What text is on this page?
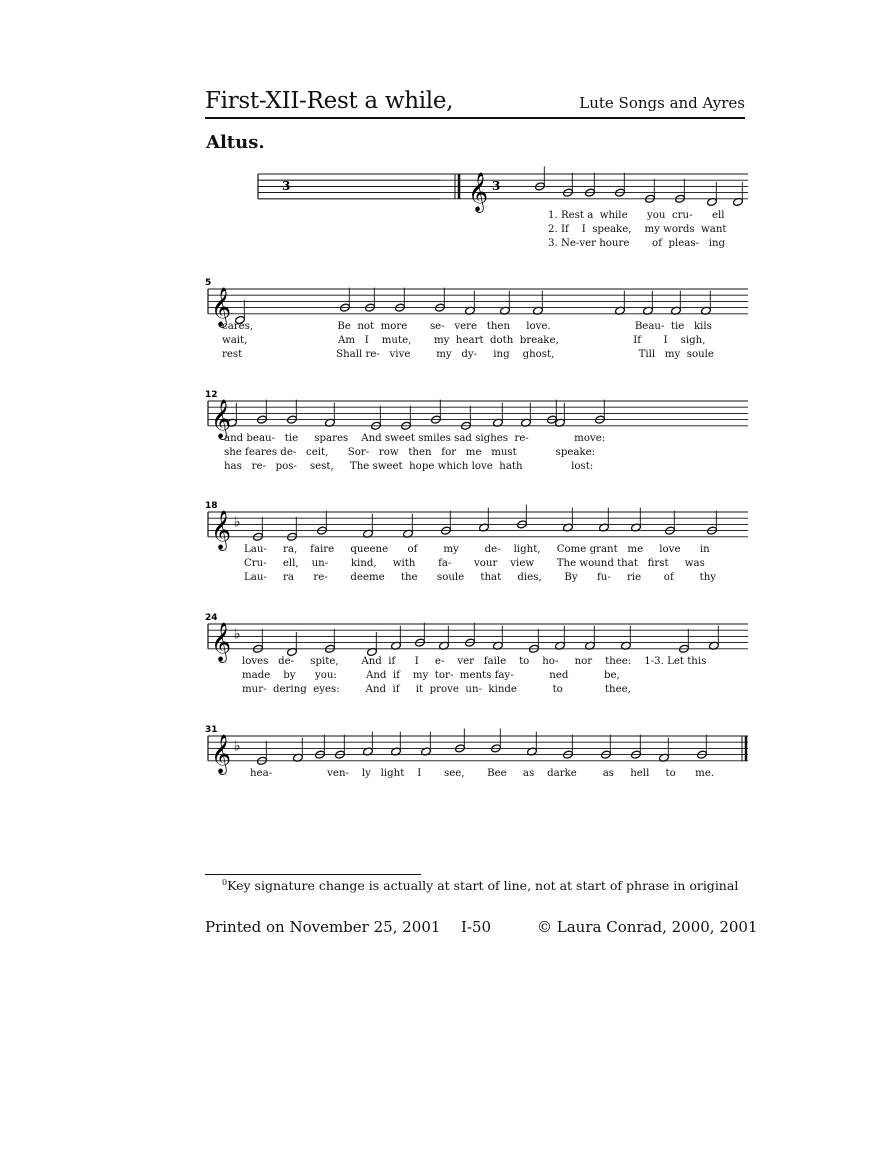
First-XII-Rest a while,	Lute Songs and Ayres
Altus.
𝄞
𝄞
𝄞
𝄞 ♭
𝄞 ♭
𝄞 ♭
3	3
5
12
18
24
31
1. Rest a  while      you  cru-      ell
2. If    I  speake,    my words  want
3. Ne-ver houre       of  pleas-   ing
cares,                          Be  not  more       se-   vere   then     love.                          Beau-  tie   kils
wait,                            Am   I    mute,       my  heart  doth  breake,                       If       I    sigh,
rest                             Shall re-   vive        my   dy-     ing    ghost,                          Till   my  soule
and beau-   tie     spares    And sweet smiles sad sighes  re-              move:
she feares de-   ceit,      Sor-   row   then   for   me   must            speake:
has   re-   pos-    sest,     The sweet  hope which love  hath               lost:
Lau-     ra,    faire     queene      of        my        de-    light,     Come grant   me     love      in
Cru-     ell,    un-       kind,     with       fa-       vour    view       The wound that   first     was
Lau-     ra      re-       deeme     the      soule     that     dies,       By      fu-     rie       of        thy
loves   de-     spite,       And  if      I     e-    ver   faile    to    ho-     nor    thee:    1-3. Let this
made    by      you:         And  if    my  tor-  ments fay-           ned           be,
mur-  dering  eyes:        And  if     it  prove  un-  kinde           to             thee,
hea-                 ven-    ly   light    I       see,       Bee     as    darke        as     hell     to      me.
$^0$Key signature change is actually at start of line, not at start of phrase in original
Printed on November 25, 2001 I-50	© Laura Conrad, 2000, 2001
